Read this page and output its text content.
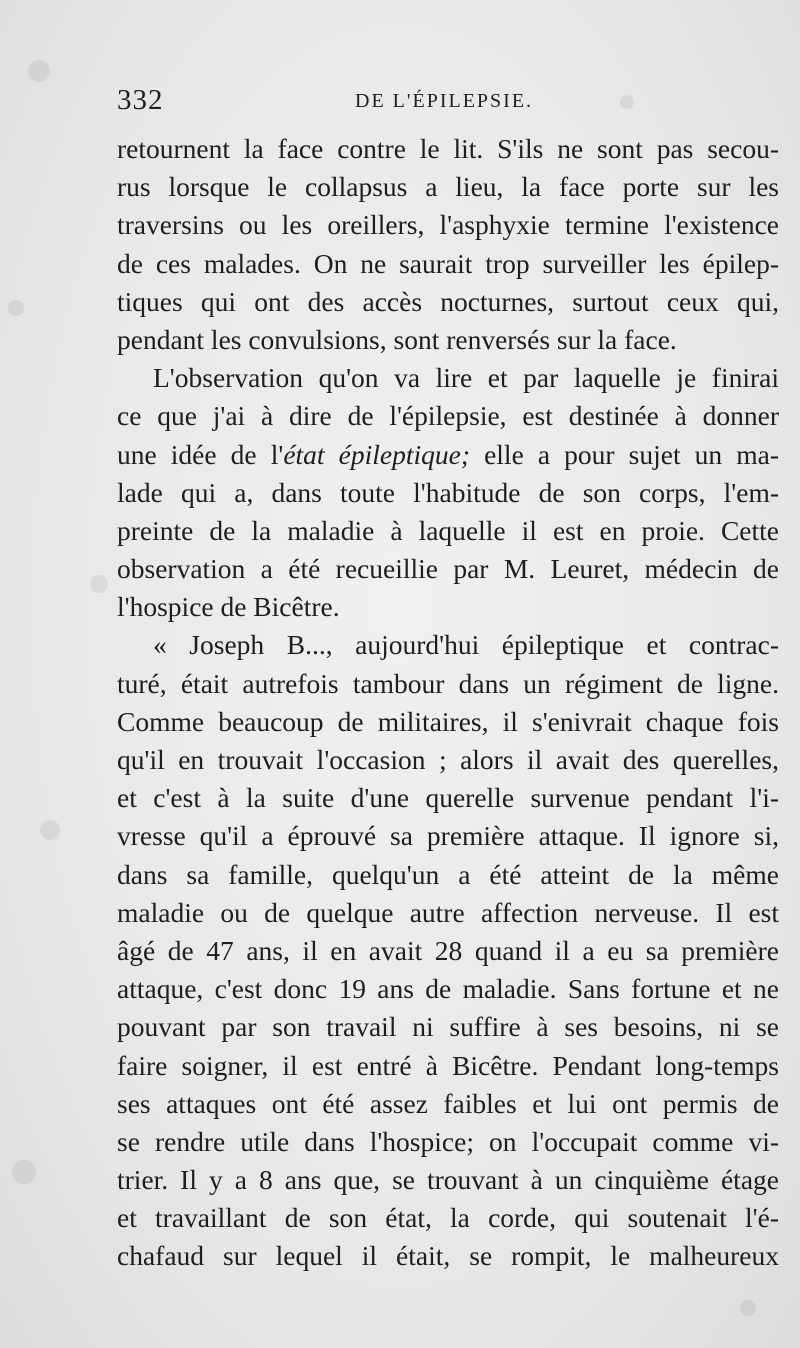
332	DE L'ÉPILEPSIE.
retournent la face contre le lit. S'ils ne sont pas secou-
rus lorsque le collapsus a lieu, la face porte sur les
traversins ou les oreillers, l'asphyxie termine l'existence
de ces malades. On ne saurait trop surveiller les épilep-
tiques qui ont des accès nocturnes, surtout ceux qui,
pendant les convulsions, sont renversés sur la face.
L'observation qu'on va lire et par laquelle je finirai
ce que j'ai à dire de l'épilepsie, est destinée à donner
une idée de l'état épileptique; elle a pour sujet un ma-
lade qui a, dans toute l'habitude de son corps, l'em-
preinte de la maladie à laquelle il est en proie. Cette
observation a été recueillie par M. Leuret, médecin de
l'hospice de Bicêtre.
« Joseph B..., aujourd'hui épileptique et contrac-
turé, était autrefois tambour dans un régiment de ligne.
Comme beaucoup de militaires, il s'enivrait chaque fois
qu'il en trouvait l'occasion ; alors il avait des querelles,
et c'est à la suite d'une querelle survenue pendant l'i-
vresse qu'il a éprouvé sa première attaque. Il ignore si,
dans sa famille, quelqu'un a été atteint de la même
maladie ou de quelque autre affection nerveuse. Il est
âgé de 47 ans, il en avait 28 quand il a eu sa première
attaque, c'est donc 19 ans de maladie. Sans fortune et ne
pouvant par son travail ni suffire à ses besoins, ni se
faire soigner, il est entré à Bicêtre. Pendant long-temps
ses attaques ont été assez faibles et lui ont permis de
se rendre utile dans l'hospice; on l'occupait comme vi-
trier. Il y a 8 ans que, se trouvant à un cinquième étage
et travaillant de son état, la corde, qui soutenait l'é-
chafaud sur lequel il était, se rompit, le malheureux
